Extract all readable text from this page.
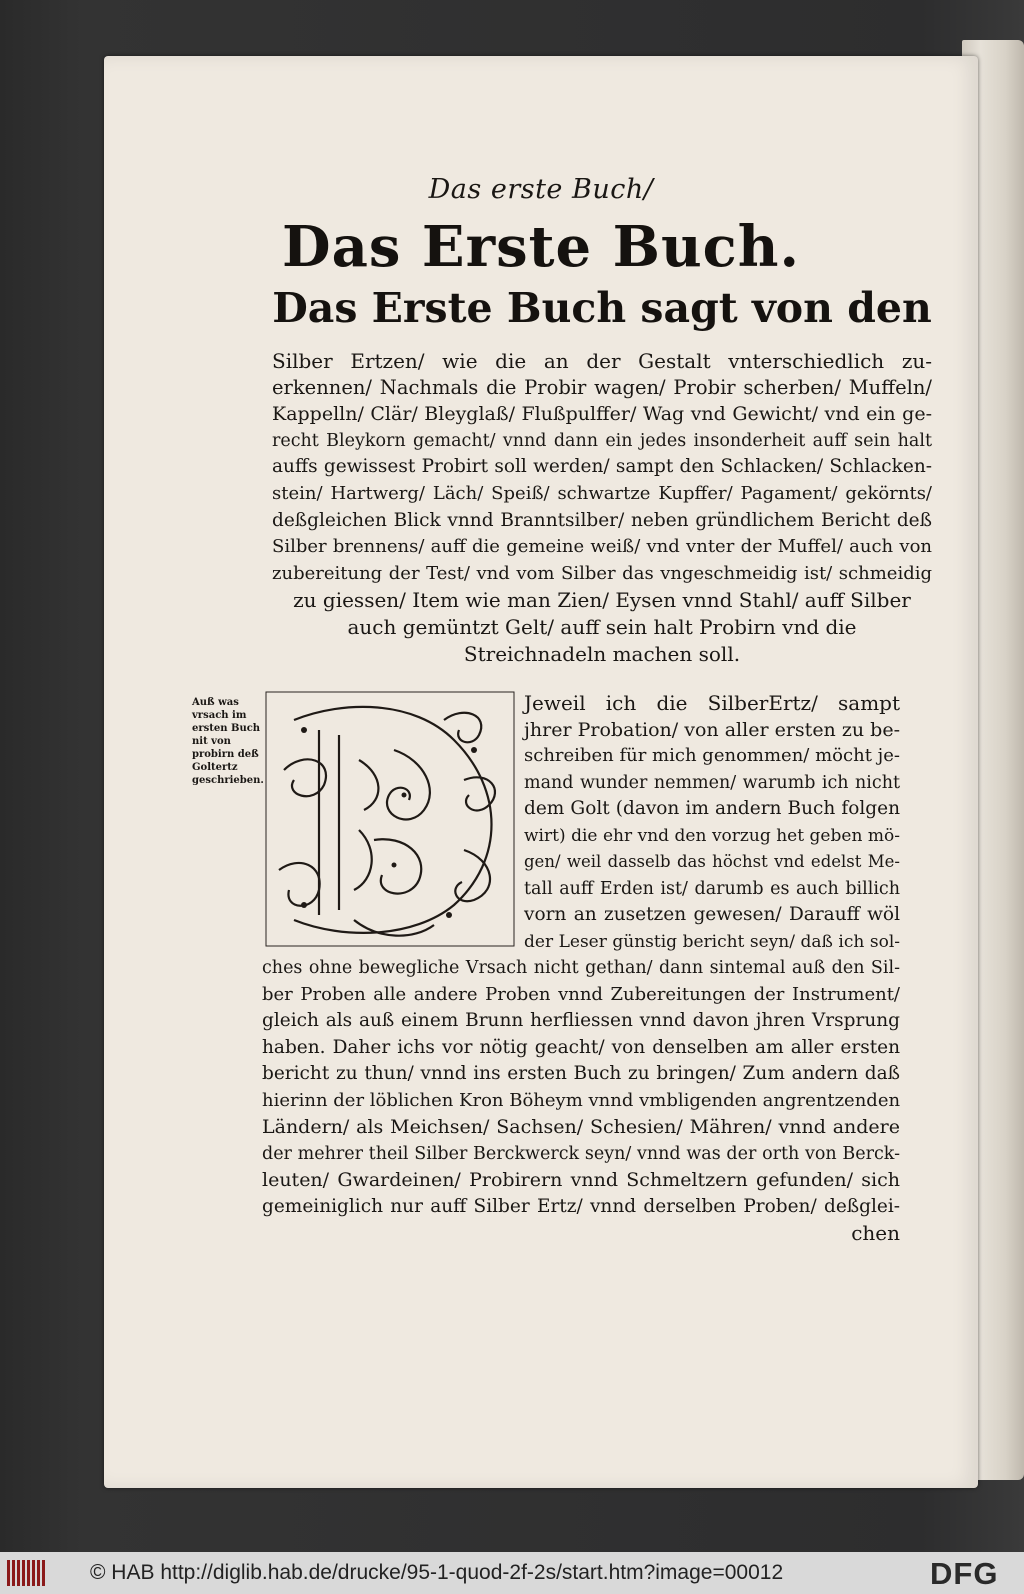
Das erste Buch/
Das Erste Buch.
Das Erste Buch sagt von den
Silber Ertzen/ wie die an der Gestalt vnterschiedlich zu-
erkennen/ Nachmals die Probir wagen/ Probir scherben/ Muffeln/
Kappelln/ Clär/ Bleyglaß/ Flußpulffer/ Wag vnd Gewicht/ vnd ein ge-
recht Bleykorn gemacht/ vnnd dann ein jedes insonderheit auff sein halt
auffs gewissest Probirt soll werden/ sampt den Schlacken/ Schlacken-
stein/ Hartwerg/ Läch/ Speiß/ schwartze Kupffer/ Pagament/ gekörnts/
deßgleichen Blick vnnd Branntsilber/ neben gründlichem Bericht deß
Silber brennens/ auff die gemeine weiß/ vnd vnter der Muffel/ auch von
zubereitung der Test/ vnd vom Silber das vngeschmeidig ist/ schmeidig
zu giessen/ Item wie man Zien/ Eysen vnnd Stahl/ auff Silber
auch gemüntzt Gelt/ auff sein halt Probirn vnd die
Streichnadeln machen soll.
Auß was vrsach im ersten Buch nit von probirn deß Goltertz geschrieben.
Jeweil ich die SilberErtz/ sampt
jhrer Probation/ von aller ersten zu be-
schreiben für mich genommen/ möcht je-
mand wunder nemmen/ warumb ich nicht
dem Golt (davon im andern Buch folgen
wirt) die ehr vnd den vorzug het geben mö-
gen/ weil dasselb das höchst vnd edelst Me-
tall auff Erden ist/ darumb es auch billich
vorn an zusetzen gewesen/ Darauff wöl
der Leser günstig bericht seyn/ daß ich sol-
ches ohne bewegliche Vrsach nicht gethan/ dann sintemal auß den Sil-
ber Proben alle andere Proben vnnd Zubereitungen der Instrument/
gleich als auß einem Brunn herfliessen vnnd davon jhren Vrsprung
haben. Daher ichs vor nötig geacht/ von denselben am aller ersten
bericht zu thun/ vnnd ins ersten Buch zu bringen/ Zum andern daß
hierinn der löblichen Kron Böheym vnnd vmbligenden angrentzenden
Ländern/ als Meichsen/ Sachsen/ Schesien/ Mähren/ vnnd andere
der mehrer theil Silber Berckwerck seyn/ vnnd was der orth von Berck-
leuten/ Gwardeinen/ Probirern vnnd Schmeltzern gefunden/ sich
gemeiniglich nur auff Silber Ertz/ vnnd derselben Proben/ deßglei-
chen
© HAB http://diglib.hab.de/drucke/95-1-quod-2f-2s/start.htm?image=00012	DFG
